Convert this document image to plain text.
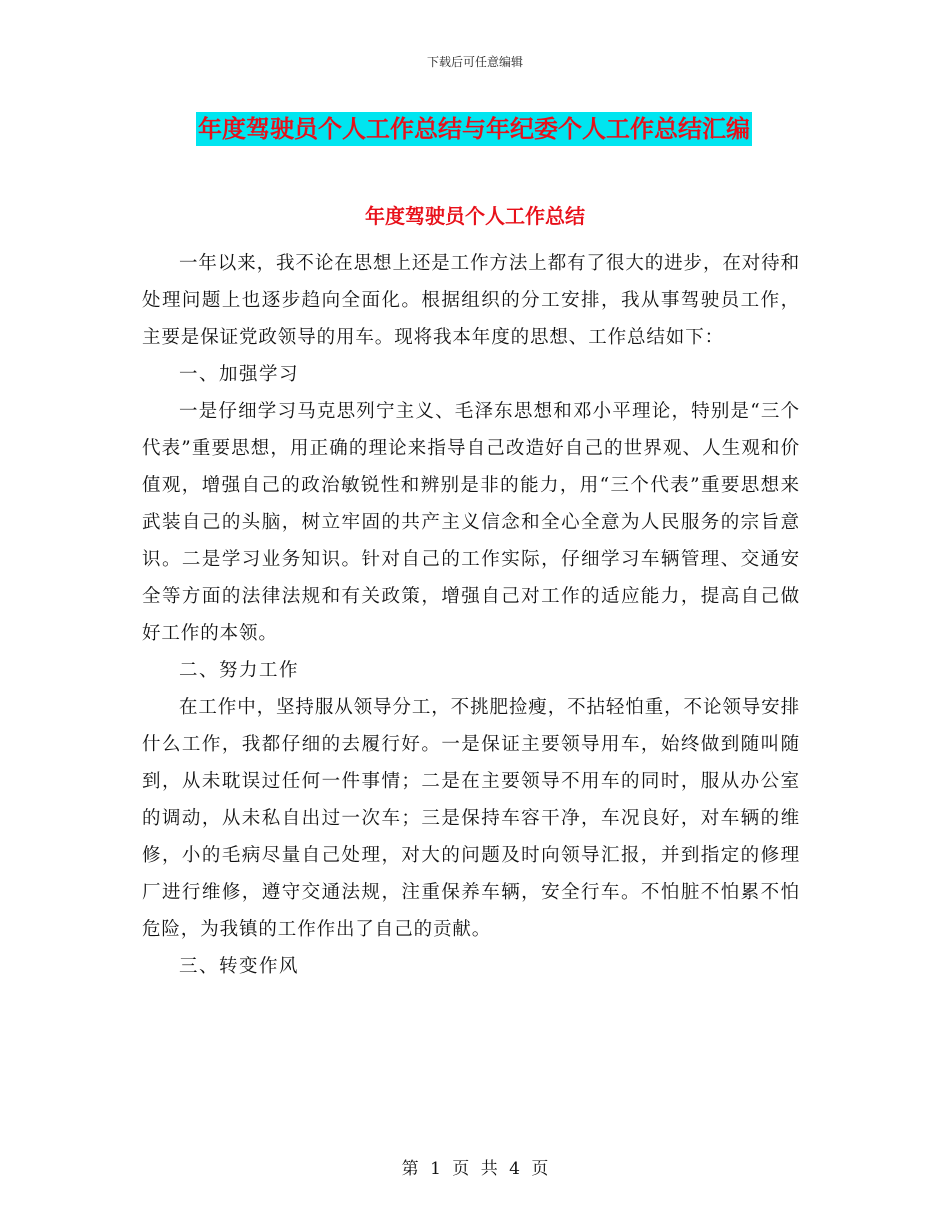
下载后可任意编辑
年度驾驶员个人工作总结与年纪委个人工作总结汇编
年度驾驶员个人工作总结

一年以来，我不论在思想上还是工作方法上都有了很大的进步，在对待和处理问题上也逐步趋向全面化。根据组织的分工安排，我从事驾驶员工作，主要是保证党政领导的用车。现将我本年度的思想、工作总结如下：

一、加强学习

一是仔细学习马克思列宁主义、毛泽东思想和邓小平理论，特别是“三个代表”重要思想，用正确的理论来指导自己改造好自己的世界观、人生观和价值观，增强自己的政治敏锐性和辨别是非的能力，用“三个代表”重要思想来武装自己的头脑，树立牢固的共产主义信念和全心全意为人民服务的宗旨意识。二是学习业务知识。针对自己的工作实际，仔细学习车辆管理、交通安全等方面的法律法规和有关政策，增强自己对工作的适应能力，提高自己做好工作的本领。

二、努力工作

在工作中，坚持服从领导分工，不挑肥捡瘦，不拈轻怕重，不论领导安排什么工作，我都仔细的去履行好。一是保证主要领导用车，始终做到随叫随到，从未耽误过任何一件事情；二是在主要领导不用车的同时，服从办公室的调动，从未私自出过一次车；三是保持车容干净，车况良好，对车辆的维修，小的毛病尽量自己处理，对大的问题及时向领导汇报，并到指定的修理厂进行维修，遵守交通法规，注重保养车辆，安全行车。不怕脏不怕累不怕危险，为我镇的工作作出了自己的贡献。

三、转变作风

第 1 页 共 4 页
